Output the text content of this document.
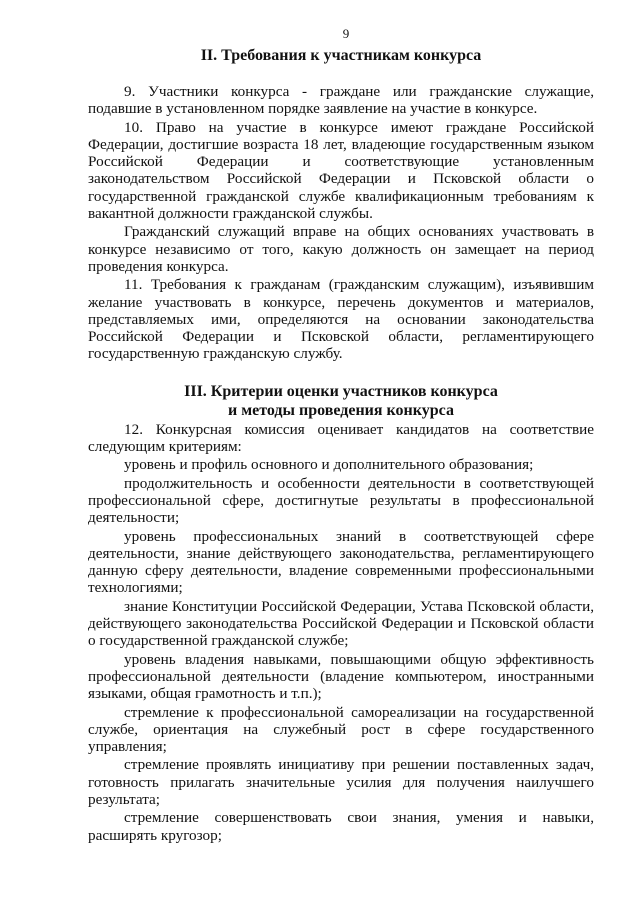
9
II. Требования к участникам конкурса

9. Участники конкурса - граждане или гражданские служащие, подавшие в установленном порядке заявление на участие в конкурсе.

10. Право на участие в конкурсе имеют граждане Российской Федерации, достигшие возраста 18 лет, владеющие государственным языком Российской Федерации и соответствующие установленным законодательством Российской Федерации и Псковской области о государственной гражданской службе квалификационным требованиям к вакантной должности гражданской службы.

Гражданский служащий вправе на общих основаниях участвовать в конкурсе независимо от того, какую должность он замещает на период проведения конкурса.

11. Требования к гражданам (гражданским служащим), изъявившим желание участвовать в конкурсе, перечень документов и материалов, представляемых ими, определяются на основании законодательства Российской Федерации и Псковской области, регламентирующего государственную гражданскую службу.

III. Критерии оценки участников конкурса
и методы проведения конкурса

12. Конкурсная комиссия оценивает кандидатов на соответствие следующим критериям:

уровень и профиль основного и дополнительного образования;

продолжительность и особенности деятельности в соответствующей профессиональной сфере, достигнутые результаты в профессиональной деятельности;

уровень профессиональных знаний в соответствующей сфере деятельности, знание действующего законодательства, регламентирующего данную сферу деятельности, владение современными профессиональными технологиями;

знание Конституции Российской Федерации, Устава Псковской области, действующего законодательства Российской Федерации и Псковской области о государственной гражданской службе;

уровень владения навыками, повышающими общую эффективность профессиональной деятельности (владение компьютером, иностранными языками, общая грамотность и т.п.);

стремление к профессиональной самореализации на государственной службе, ориентация на служебный рост в сфере государственного управления;

стремление проявлять инициативу при решении поставленных задач, готовность прилагать значительные усилия для получения наилучшего результата;

стремление совершенствовать свои знания, умения и навыки, расширять кругозор;
